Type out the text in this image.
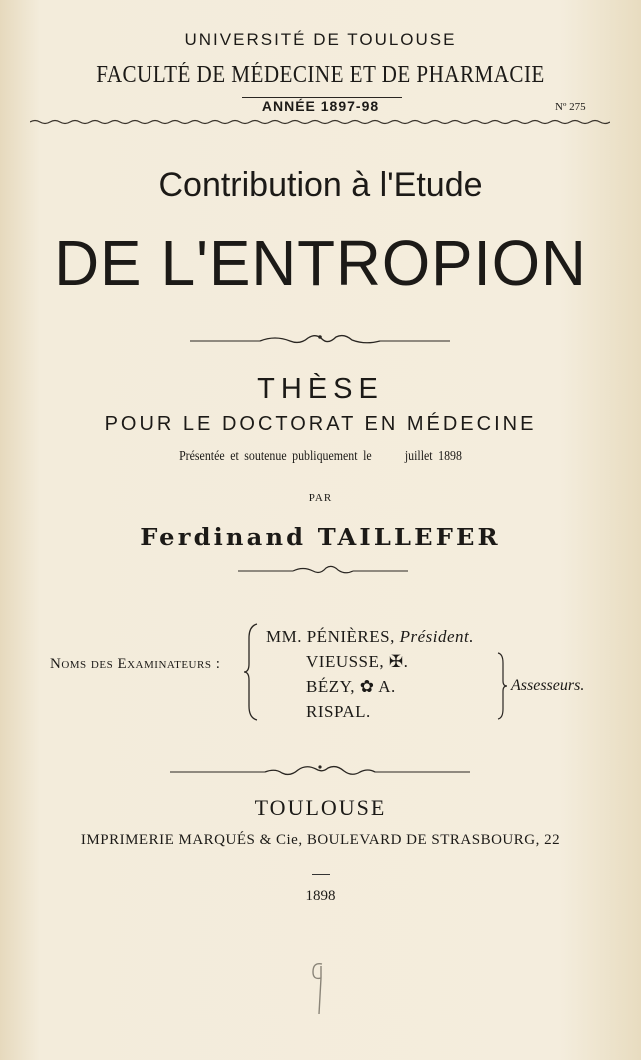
UNIVERSITÉ DE TOULOUSE
FACULTÉ DE MÉDECINE ET DE PHARMACIE
ANNÉE 1897-98	Nº 275
Contribution à l'Etude
DE L'ENTROPION
THÈSE
POUR LE DOCTORAT EN MÉDECINE
Présentée et soutenue publiquement le      juillet 1898
PAR
Ferdinand TAILLEFER
Noms des Examinateurs :
MM. PÉNIÈRES, Président.
VIEUSSE, ✠.
BÉZY, ✿ A.
RISPAL.
Assesseurs.
TOULOUSE
IMPRIMERIE MARQUÉS & Cie, BOULEVARD DE STRASBOURG, 22
1898
